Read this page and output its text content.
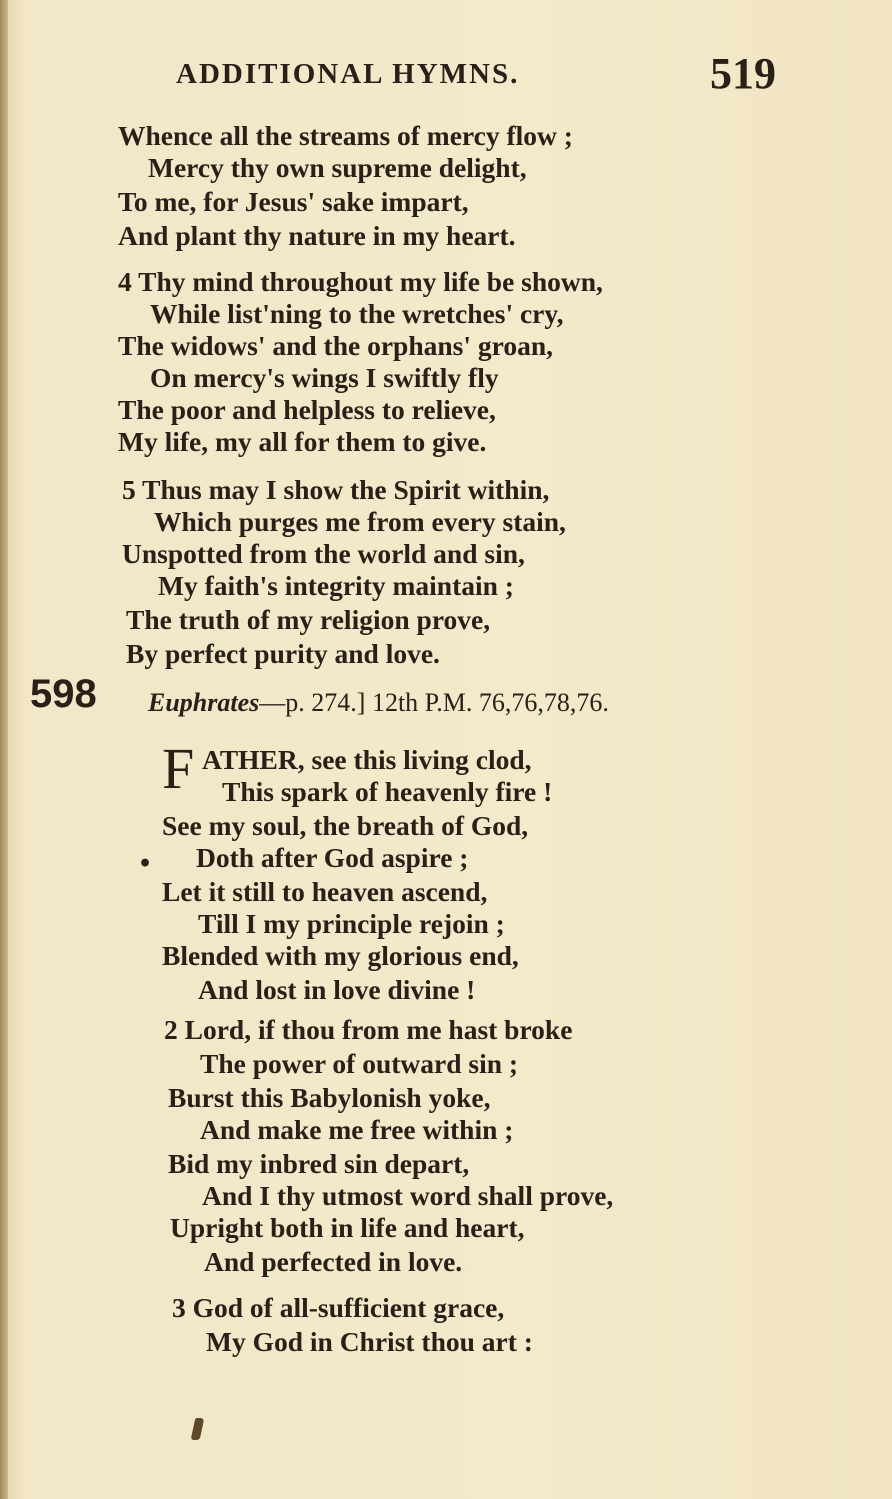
ADDITIONAL HYMNS.	519
Whence all the streams of mercy flow ;
Mercy thy own supreme delight,
To me, for Jesus' sake impart,
And plant thy nature in my heart.
4 Thy mind throughout my life be shown,
While list'ning to the wretches' cry,
The widows' and the orphans' groan,
On mercy's wings I swiftly fly
The poor and helpless to relieve,
My life, my all for them to give.
5 Thus may I show the Spirit within,
Which purges me from every stain,
Unspotted from the world and sin,
My faith's integrity maintain ;
The truth of my religion prove,
By perfect purity and love.
598 Euphrates—p. 274.] 12th P.M. 76,76,78,76.
F ATHER, see this living clod,
This spark of heavenly fire !
See my soul, the breath of God,
• Doth after God aspire ;
Let it still to heaven ascend,
Till I my principle rejoin ;
Blended with my glorious end,
And lost in love divine !
2 Lord, if thou from me hast broke
The power of outward sin ;
Burst this Babylonish yoke,
And make me free within ;
Bid my inbred sin depart,
And I thy utmost word shall prove,
Upright both in life and heart,
And perfected in love.
3 God of all-sufficient grace,
My God in Christ thou art :
